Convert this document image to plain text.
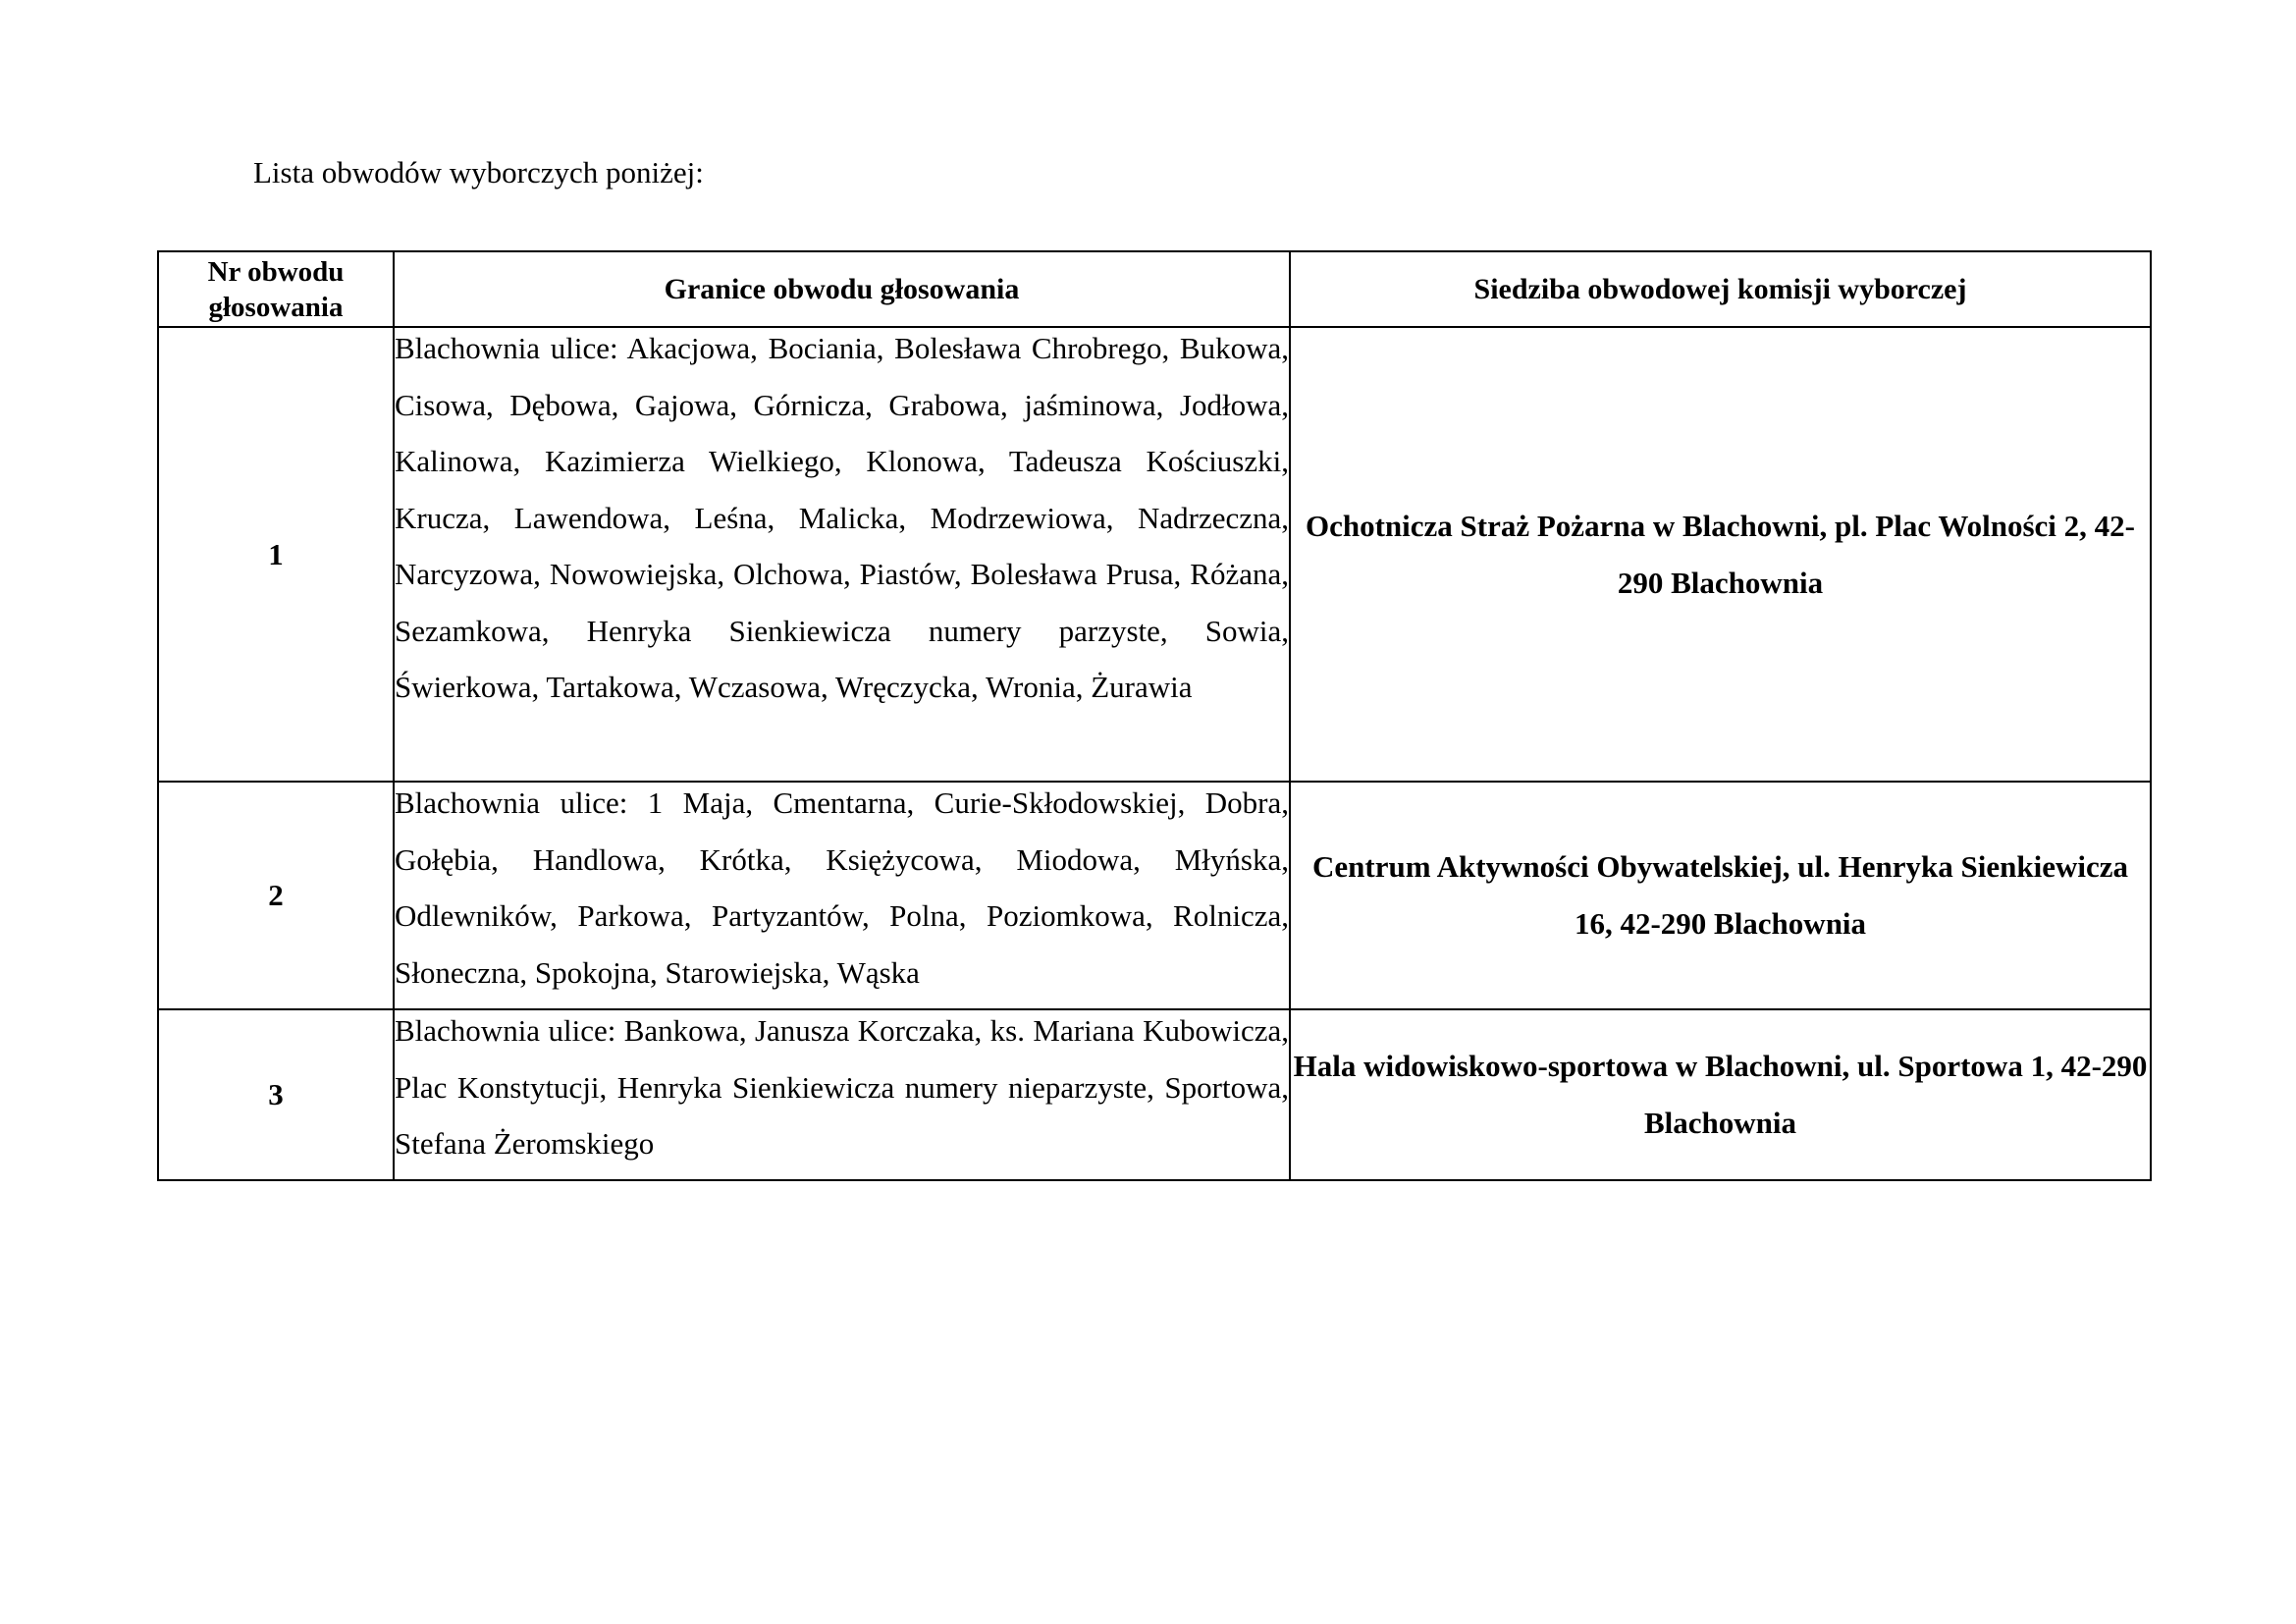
Lista obwodów wyborczych poniżej:
Nr obwodu głosowania	Granice obwodu głosowania	Siedziba obwodowej komisji wyborczej
1	Blachownia ulice: Akacjowa, Bociania, Bolesława Chrobrego, Bukowa, Cisowa, Dębowa, Gajowa, Górnicza, Grabowa, jaśminowa, Jodłowa, Kalinowa, Kazimierza Wielkiego, Klonowa, Tadeusza Kościuszki, Krucza, Lawendowa, Leśna, Malicka, Modrzewiowa, Nadrzeczna, Narcyzowa, Nowowiejska, Olchowa, Piastów, Bolesława Prusa, Różana, Sezamkowa, Henryka Sienkiewicza numery parzyste, Sowia, Świerkowa, Tartakowa, Wczasowa, Wręczycka, Wronia, Żurawia	Ochotnicza Straż Pożarna w Blachowni, pl. Plac Wolności 2, 42-290 Blachownia
2	Blachownia ulice: 1 Maja, Cmentarna, Curie-Skłodowskiej, Dobra, Gołębia, Handlowa, Krótka, Księżycowa, Miodowa, Młyńska, Odlewników, Parkowa, Partyzantów, Polna, Poziomkowa, Rolnicza, Słoneczna, Spokojna, Starowiejska, Wąska	Centrum Aktywności Obywatelskiej, ul. Henryka Sienkiewicza 16, 42-290 Blachownia
3	Blachownia ulice: Bankowa, Janusza Korczaka, ks. Mariana Kubowicza, Plac Konstytucji, Henryka Sienkiewicza numery nieparzyste, Sportowa, Stefana Żeromskiego	Hala widowiskowo-sportowa w Blachowni, ul. Sportowa 1, 42-290 Blachownia
